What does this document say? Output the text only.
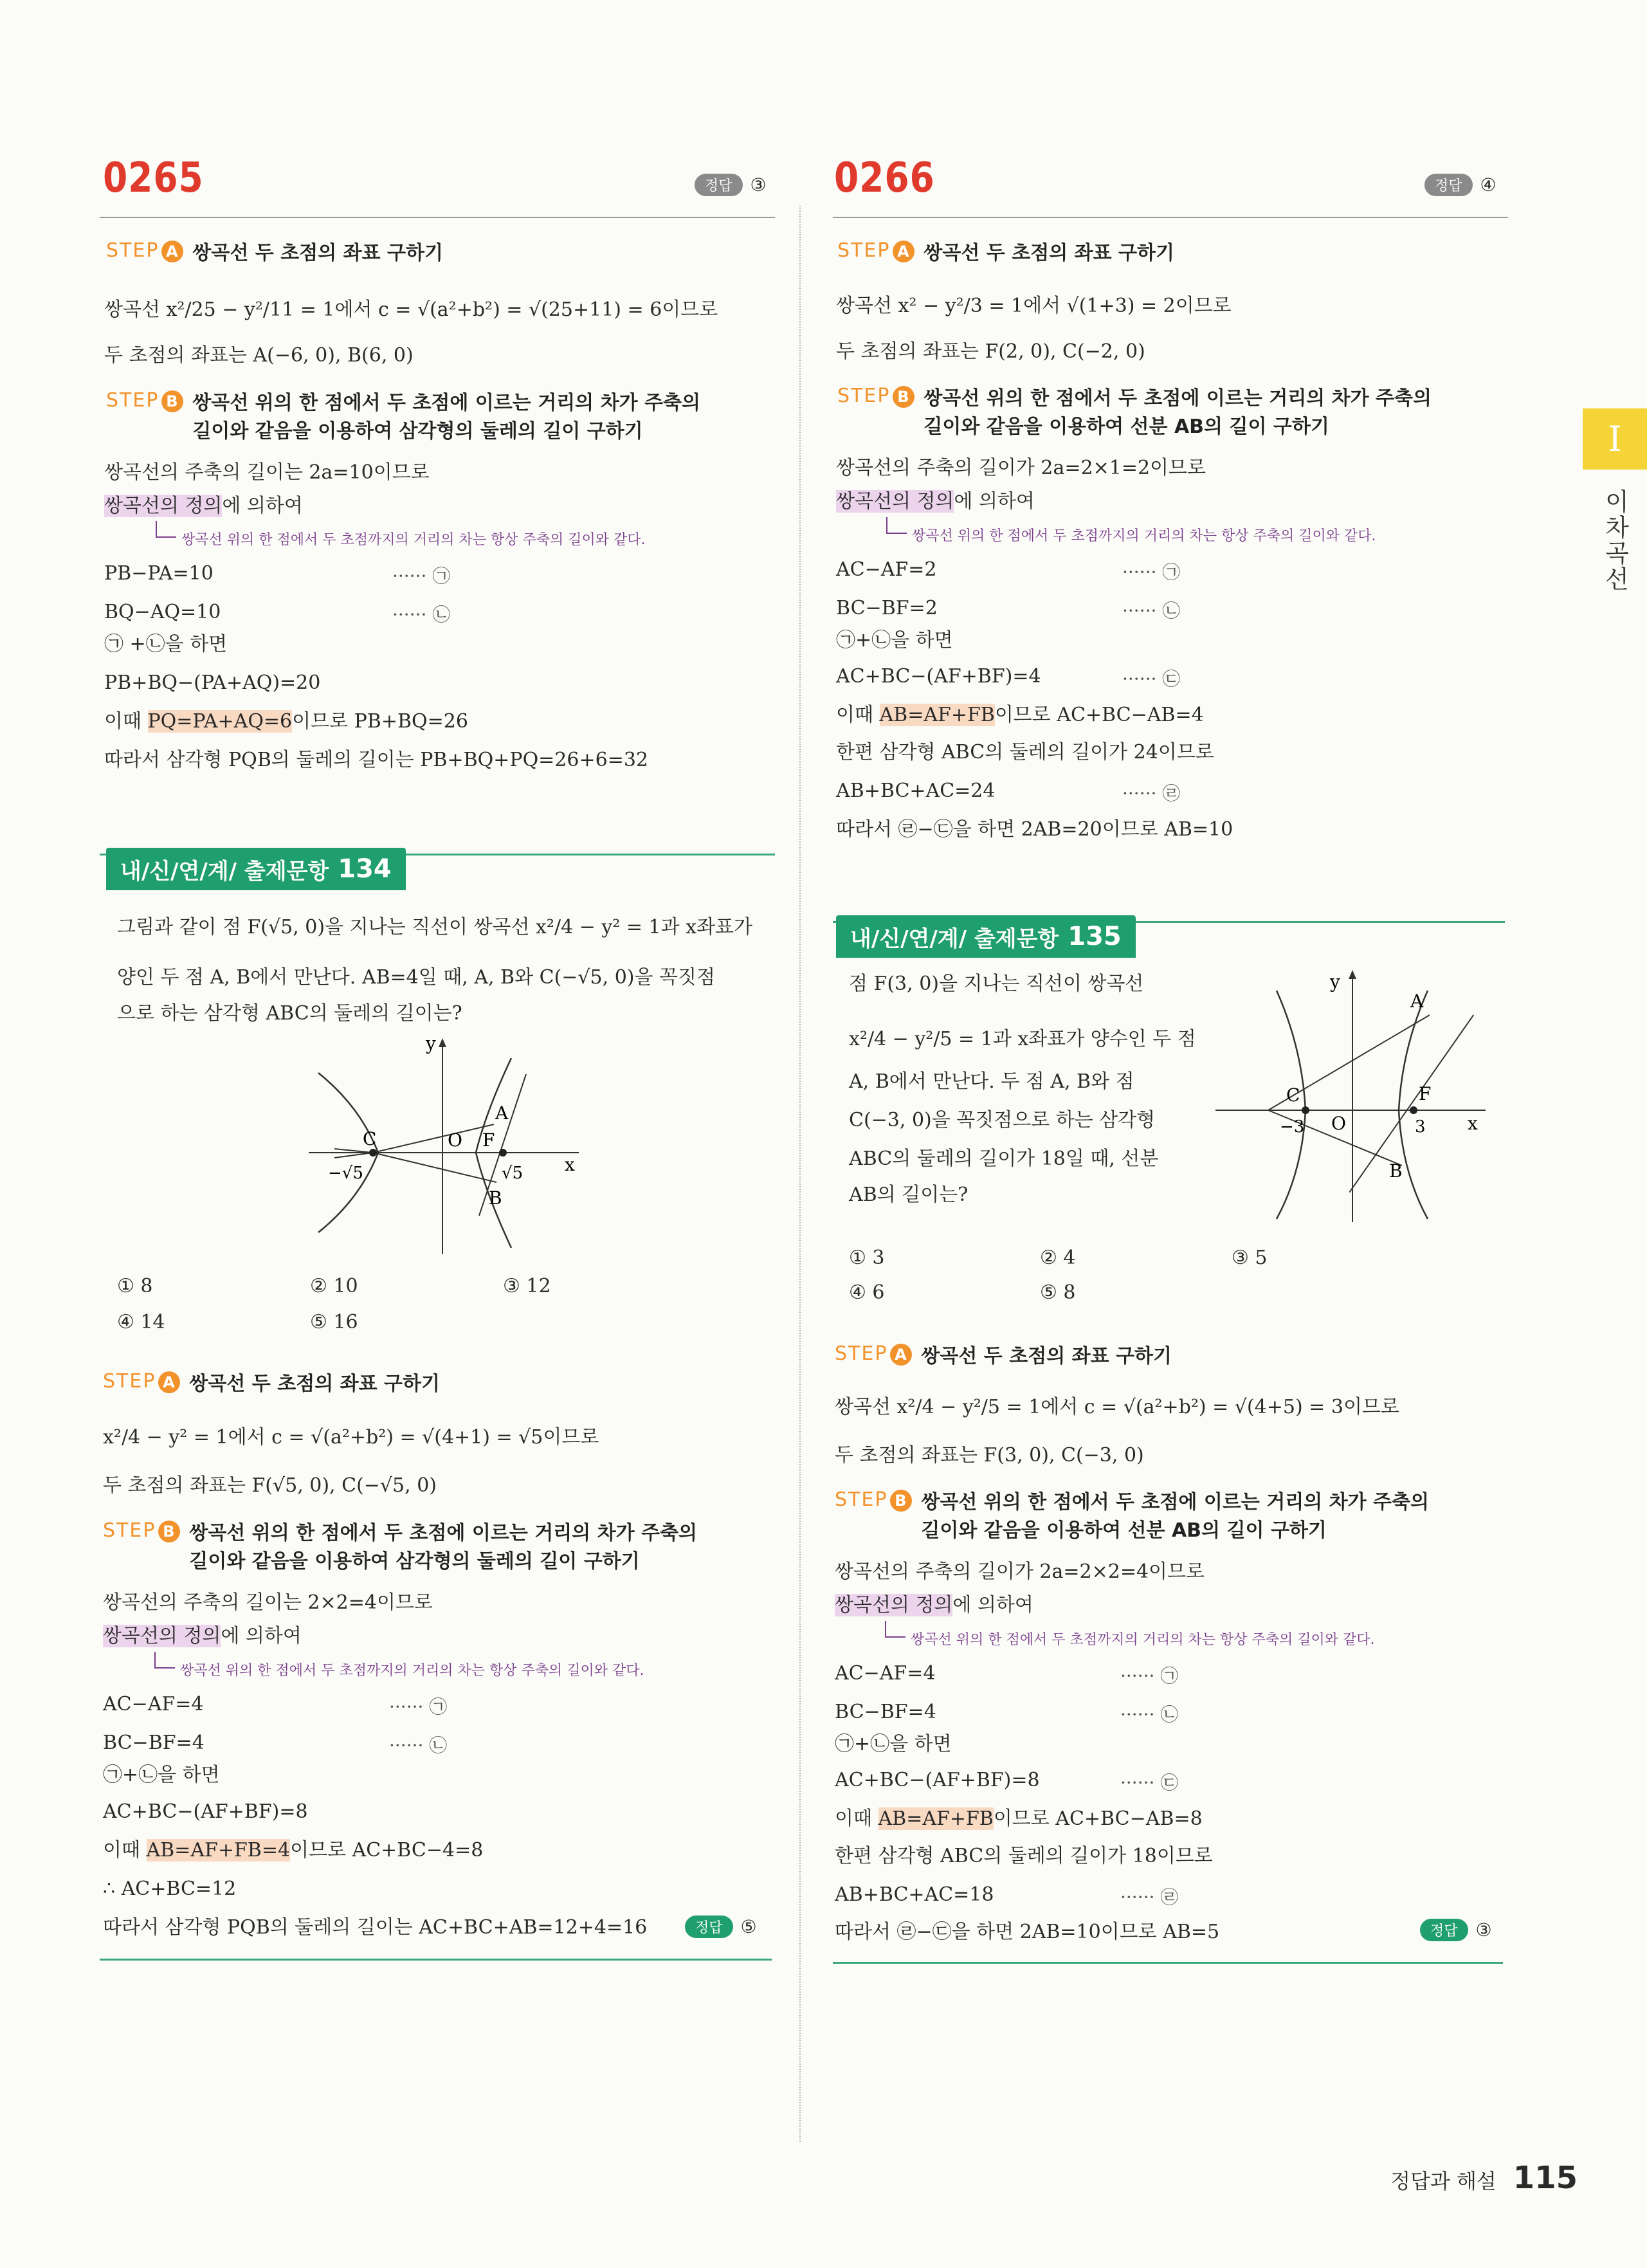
0265	정답	③
STEP A 쌍곡선 두 초점의 좌표 구하기
쌍곡선 x²/25 − y²/11 = 1에서 c = √(a²+b²) = √(25+11) = 6이므로
두 초점의 좌표는 A(−6, 0), B(6, 0)
STEP B 쌍곡선 위의 한 점에서 두 초점에 이르는 거리의 차가 주축의
길이와 같음을 이용하여 삼각형의 둘레의 길이 구하기
쌍곡선의 주축의 길이는 2a=10이므로
쌍곡선의 정의에 의하여
쌍곡선 위의 한 점에서 두 초점까지의 거리의 차는 항상 주축의 길이와 같다.
PB−PA=10	······ ㉠
BQ−AQ=10	······ ㉡
㉠ +㉡을 하면
PB+BQ−(PA+AQ)=20
이때 PQ=PA+AQ=6이므로 PB+BQ=26
따라서 삼각형 PQB의 둘레의 길이는 PB+BQ+PQ=26+6=32
내/신/연/계/ 출제문항 134
그림과 같이 점 F(√5, 0)을 지나는 직선이 쌍곡선 x²/4 − y² = 1과 x좌표가
양인 두 점 A, B에서 만난다. AB=4일 때, A, B와 C(−√5, 0)을 꼭짓점
으로 하는 삼각형 ABC의 둘레의 길이는?
y
x
O
A
B
C	F
−√5	√5
① 8	② 10	③ 12
④ 14	⑤ 16
STEP A 쌍곡선 두 초점의 좌표 구하기
x²/4 − y² = 1에서 c = √(a²+b²) = √(4+1) = √5이므로
두 초점의 좌표는 F(√5, 0), C(−√5, 0)
STEP B 쌍곡선 위의 한 점에서 두 초점에 이르는 거리의 차가 주축의
길이와 같음을 이용하여 삼각형의 둘레의 길이 구하기
쌍곡선의 주축의 길이는 2×2=4이므로
쌍곡선의 정의에 의하여
쌍곡선 위의 한 점에서 두 초점까지의 거리의 차는 항상 주축의 길이와 같다.
AC−AF=4	······ ㉠
BC−BF=4	······ ㉡
㉠+㉡을 하면
AC+BC−(AF+BF)=8
이때 AB=AF+FB=4이므로 AC+BC−4=8
∴ AC+BC=12
따라서 삼각형 PQB의 둘레의 길이는 AC+BC+AB=12+4=16	정답	⑤
0266	정답	④
STEP A 쌍곡선 두 초점의 좌표 구하기
쌍곡선 x² − y²/3 = 1에서 √(1+3) = 2이므로
두 초점의 좌표는 F(2, 0), C(−2, 0)
STEP B 쌍곡선 위의 한 점에서 두 초점에 이르는 거리의 차가 주축의
길이와 같음을 이용하여 선분 AB의 길이 구하기
쌍곡선의 주축의 길이가 2a=2×1=2이므로
쌍곡선의 정의에 의하여
쌍곡선 위의 한 점에서 두 초점까지의 거리의 차는 항상 주축의 길이와 같다.
AC−AF=2	······ ㉠
BC−BF=2	······ ㉡
㉠+㉡을 하면
AC+BC−(AF+BF)=4	······ ㉢
이때 AB=AF+FB이므로 AC+BC−AB=4
한편 삼각형 ABC의 둘레의 길이가 24이므로
AB+BC+AC=24	······ ㉣
따라서 ㉣−㉢을 하면 2AB=20이므로 AB=10
내/신/연/계/ 출제문항 135
점 F(3, 0)을 지나는 직선이 쌍곡선
x²/4 − y²/5 = 1과 x좌표가 양수인 두 점
A, B에서 만난다. 두 점 A, B와 점
C(−3, 0)을 꼭짓점으로 하는 삼각형
ABC의 둘레의 길이가 18일 때, 선분
AB의 길이는?
y
x
O
A
B
C	F
−3	3
① 3	② 4	③ 5
④ 6	⑤ 8
STEP A 쌍곡선 두 초점의 좌표 구하기
쌍곡선 x²/4 − y²/5 = 1에서 c = √(a²+b²) = √(4+5) = 3이므로
두 초점의 좌표는 F(3, 0), C(−3, 0)
STEP B 쌍곡선 위의 한 점에서 두 초점에 이르는 거리의 차가 주축의
길이와 같음을 이용하여 선분 AB의 길이 구하기
쌍곡선의 주축의 길이가 2a=2×2=4이므로
쌍곡선의 정의에 의하여
쌍곡선 위의 한 점에서 두 초점까지의 거리의 차는 항상 주축의 길이와 같다.
AC−AF=4	······ ㉠
BC−BF=4	······ ㉡
㉠+㉡을 하면
AC+BC−(AF+BF)=8	······ ㉢
이때 AB=AF+FB이므로 AC+BC−AB=8
한편 삼각형 ABC의 둘레의 길이가 18이므로
AB+BC+AC=18	······ ㉣
따라서 ㉣−㉢을 하면 2AB=10이므로 AB=5	정답	③
I
이차곡선
정답과 해설 115
